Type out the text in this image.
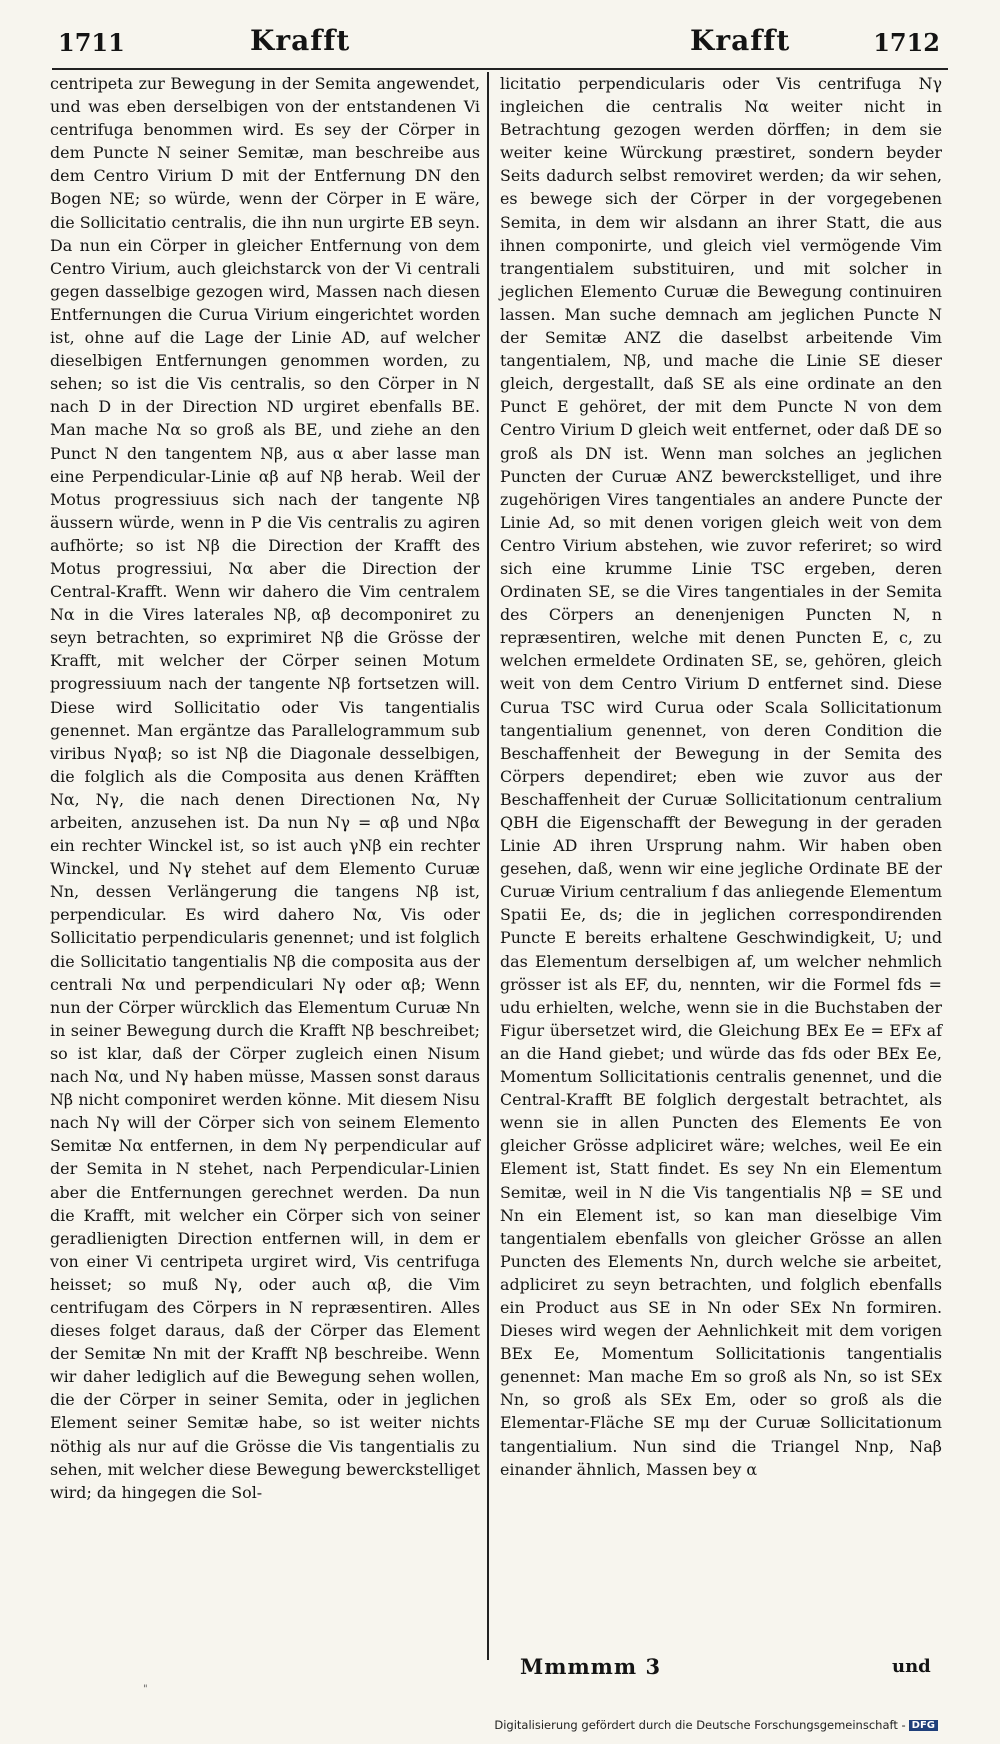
1711	Krafft	Krafft	1712

centripeta zur Bewegung in der Semita angewendet, und was eben derselbigen von der entstandenen Vi centrifuga benommen wird. Es sey der Cörper in dem Puncte N seiner Semitæ, man beschreibe aus dem Centro Virium D mit der Entfernung DN den Bogen NE; so würde, wenn der Cörper in E wäre, die Sollicitatio centralis, die ihn nun urgirte EB seyn. Da nun ein Cörper in gleicher Entfernung von dem Centro Virium, auch gleichstarck von der Vi centrali gegen dasselbige gezogen wird, Massen nach diesen Entfernungen die Curua Virium eingerichtet worden ist, ohne auf die Lage der Linie AD, auf welcher dieselbigen Entfernungen genommen worden, zu sehen; so ist die Vis centralis, so den Cörper in N nach D in der Direction ND urgiret ebenfalls BE. Man mache Nα so groß als BE, und ziehe an den Punct N den tangentem Nβ, aus α aber lasse man eine Perpendicular-Linie αβ auf Nβ herab. Weil der Motus progressiuus sich nach der tangente Nβ äussern würde, wenn in P die Vis centralis zu agiren aufhörte; so ist Nβ die Direction der Krafft des Motus progressiui, Nα aber die Direction der Central-Krafft. Wenn wir dahero die Vim centralem Nα in die Vires laterales Nβ, αβ decomponiret zu seyn betrachten, so exprimiret Nβ die Grösse der Krafft, mit welcher der Cörper seinen Motum progressiuum nach der tangente Nβ fortsetzen will. Diese wird Sollicitatio oder Vis tangentialis genennet. Man ergäntze das Parallelogrammum sub viribus Nγαβ; so ist Nβ die Diagonale desselbigen, die folglich als die Composita aus denen Kräfften Nα, Nγ, die nach denen Directionen Nα, Nγ arbeiten, anzusehen ist. Da nun Nγ = αβ und Nβα ein rechter Winckel ist, so ist auch γNβ ein rechter Winckel, und Nγ stehet auf dem Elemento Curuæ Nn, dessen Verlängerung die tangens Nβ ist, perpendicular. Es wird dahero Nα, Vis oder Sollicitatio perpendicularis genennet; und ist folglich die Sollicitatio tangentialis Nβ die composita aus der centrali Nα und perpendiculari Nγ oder αβ; Wenn nun der Cörper würcklich das Elementum Curuæ Nn in seiner Bewegung durch die Krafft Nβ beschreibet; so ist klar, daß der Cörper zugleich einen Nisum nach Nα, und Nγ haben müsse, Massen sonst daraus Nβ nicht componiret werden könne. Mit diesem Nisu nach Nγ will der Cörper sich von seinem Elemento Semitæ Nα entfernen, in dem Nγ perpendicular auf der Semita in N stehet, nach Perpendicular-Linien aber die Entfernungen gerechnet werden. Da nun die Krafft, mit welcher ein Cörper sich von seiner geradlienigten Direction entfernen will, in dem er von einer Vi centripeta urgiret wird, Vis centrifuga heisset; so muß Nγ, oder auch αβ, die Vim centrifugam des Cörpers in N repræsentiren. Alles dieses folget daraus, daß der Cörper das Element der Semitæ Nn mit der Krafft Nβ beschreibe. Wenn wir daher lediglich auf die Bewegung sehen wollen, die der Cörper in seiner Semita, oder in jeglichen Element seiner Semitæ habe, so ist weiter nichts nöthig als nur auf die Grösse die Vis tangentialis zu sehen, mit welcher diese Bewegung bewerckstelliget wird; da hingegen die Sol-

licitatio perpendicularis oder Vis centrifuga Nγ ingleichen die centralis Nα weiter nicht in Betrachtung gezogen werden dörffen; in dem sie weiter keine Würckung præstiret, sondern beyder Seits dadurch selbst removiret werden; da wir sehen, es bewege sich der Cörper in der vorgegebenen Semita, in dem wir alsdann an ihrer Statt, die aus ihnen componirte, und gleich viel vermögende Vim trangentialem substituiren, und mit solcher in jeglichen Elemento Curuæ die Bewegung continuiren lassen. Man suche demnach am jeglichen Puncte N der Semitæ ANZ die daselbst arbeitende Vim tangentialem, Nβ, und mache die Linie SE dieser gleich, dergestallt, daß SE als eine ordinate an den Punct E gehöret, der mit dem Puncte N von dem Centro Virium D gleich weit entfernet, oder daß DE so groß als DN ist. Wenn man solches an jeglichen Puncten der Curuæ ANZ bewerckstelliget, und ihre zugehörigen Vires tangentiales an andere Puncte der Linie Ad, so mit denen vorigen gleich weit von dem Centro Virium abstehen, wie zuvor referiret; so wird sich eine krumme Linie TSC ergeben, deren Ordinaten SE, se die Vires tangentiales in der Semita des Cörpers an denenjenigen Puncten N, n repræsentiren, welche mit denen Puncten E, c, zu welchen ermeldete Ordinaten SE, se, gehören, gleich weit von dem Centro Virium D entfernet sind. Diese Curua TSC wird Curua oder Scala Sollicitationum tangentialium genennet, von deren Condition die Beschaffenheit der Bewegung in der Semita des Cörpers dependiret; eben wie zuvor aus der Beschaffenheit der Curuæ Sollicitationum centralium QBH die Eigenschafft der Bewegung in der geraden Linie AD ihren Ursprung nahm. Wir haben oben gesehen, daß, wenn wir eine jegliche Ordinate BE der Curuæ Virium centralium f das anliegende Elementum Spatii Ee, ds; die in jeglichen correspondirenden Puncte E bereits erhaltene Geschwindigkeit, U; und das Elementum derselbigen af, um welcher nehmlich grösser ist als EF, du, nennten, wir die Formel fds = udu erhielten, welche, wenn sie in die Buchstaben der Figur übersetzet wird, die Gleichung BEx Ee = EFx af an die Hand giebet; und würde das fds oder BEx Ee, Momentum Sollicitationis centralis genennet, und die Central-Krafft BE folglich dergestalt betrachtet, als wenn sie in allen Puncten des Elements Ee von gleicher Grösse adpliciret wäre; welches, weil Ee ein Element ist, Statt findet. Es sey Nn ein Elementum Semitæ, weil in N die Vis tangentialis Nβ = SE und Nn ein Element ist, so kan man dieselbige Vim tangentialem ebenfalls von gleicher Grösse an allen Puncten des Elements Nn, durch welche sie arbeitet, adpliciret zu seyn betrachten, und folglich ebenfalls ein Product aus SE in Nn oder SEx Nn formiren. Dieses wird wegen der Aehnlichkeit mit dem vorigen BEx Ee, Momentum Sollicitationis tangentialis genennet: Man mache Em so groß als Nn, so ist SEx Nn, so groß als SEx Em, oder so groß als die Elementar-Fläche SE mμ der Curuæ Sollicitationum tangentialium. Nun sind die Triangel Nnp, Naβ einander ähnlich, Massen bey α

Mmmmm 3	und
"
Digitalisierung gefördert durch die Deutsche Forschungsgemeinschaft - DFG
